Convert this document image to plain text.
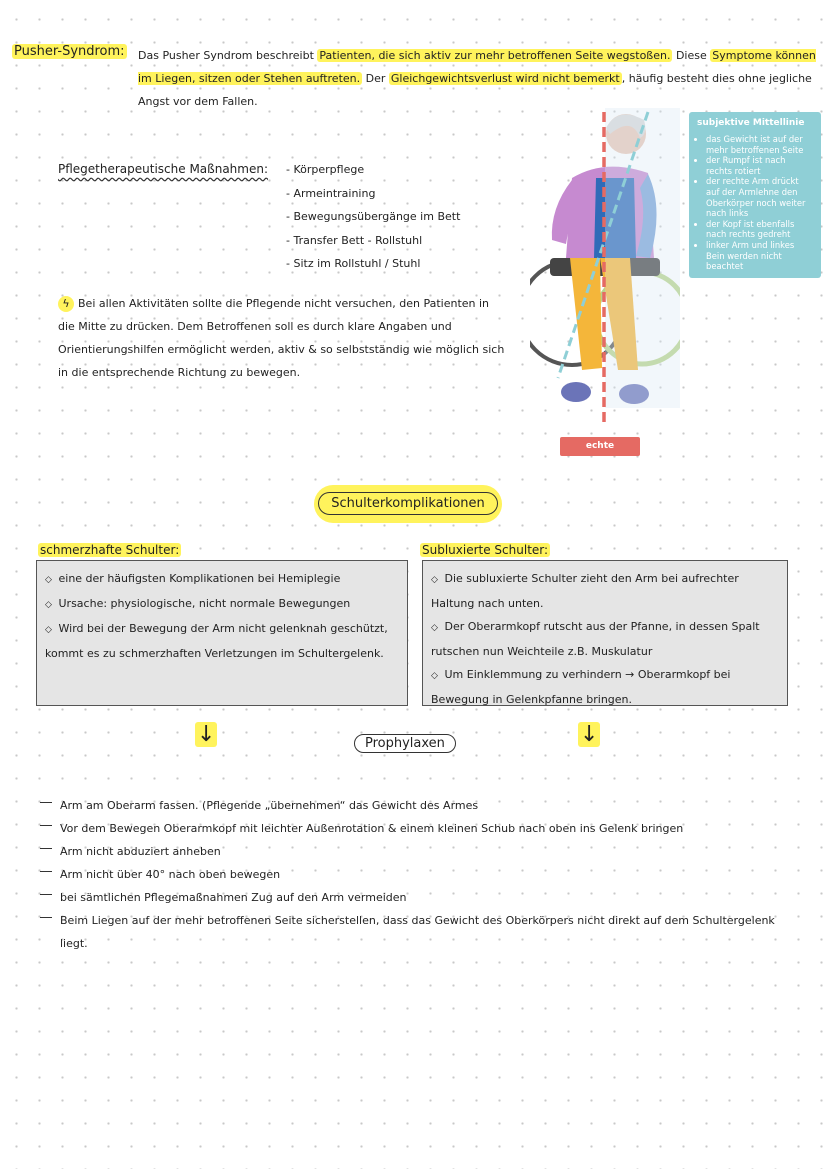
Pusher-Syndrom: Das Pusher Syndrom beschreibt Patienten, die sich aktiv zur mehr betroffenen Seite wegstoßen. Diese Symptome können im Liegen, sitzen oder Stehen auftreten. Der Gleichgewichtsverlust wird nicht bemerkt , häufig besteht dies ohne jegliche Angst vor dem Fallen.
Pflegetherapeutische Maßnahmen: - Körperpflege
- Armeintraining
- Bewegungsübergänge im Bett
- Transfer Bett - Rollstuhl
- Sitz im Rollstuhl / Stuhl
ϟ Bei allen Aktivitäten sollte die Pflegende nicht versuchen, den Patienten in die Mitte zu drücken. Dem Betroffenen soll es durch klare Angaben und Orientierungshilfen ermöglicht werden, aktiv & so selbstständig wie möglich sich in die entsprechende Richtung zu bewegen.
subjektive Mittellinie
• das Gewicht ist auf der mehr betroffenen Seite
• der Rumpf ist nach rechts rotiert
• der rechte Arm drückt auf der Armlehne den Oberkörper noch weiter nach links
• der Kopf ist ebenfalls nach rechts gedreht
• linker Arm und linkes Bein werden nicht beachtet
echte Mittellinie
Schulterkomplikationen
schmerzhafte Schulter:	Subluxierte Schulter:
◇ eine der häufigsten Komplikationen bei Hemiplegie
◇ Ursache: physiologische, nicht normale Bewegungen
◇ Wird bei der Bewegung der Arm nicht gelenknah geschützt, kommt es zu schmerzhaften Verletzungen im Schultergelenk.
◇ Die subluxierte Schulter zieht den Arm bei aufrechter Haltung nach unten.
◇ Der Oberarmkopf rutscht aus der Pfanne, in dessen Spalt rutschen nun Weichteile z.B. Muskulatur
◇ Um Einklemmung zu verhindern → Oberarmkopf bei Bewegung in Gelenkpfanne bringen.
↓	↓
Prophylaxen
Arm am Oberarm fassen. (Pflegende „übernehmen“ das Gewicht des Armes
Vor dem Bewegen Oberarmkopf mit leichter Außenrotation & einem kleinen Schub nach oben ins Gelenk bringen
Arm nicht abduziert anheben
Arm nicht über 40° nach oben bewegen
bei sämtlichen Pflegemaßnahmen Zug auf den Arm vermeiden
Beim Liegen auf der mehr betroffenen Seite sicherstellen, dass das Gewicht des Oberkörpers nicht direkt auf dem Schultergelenk liegt.
